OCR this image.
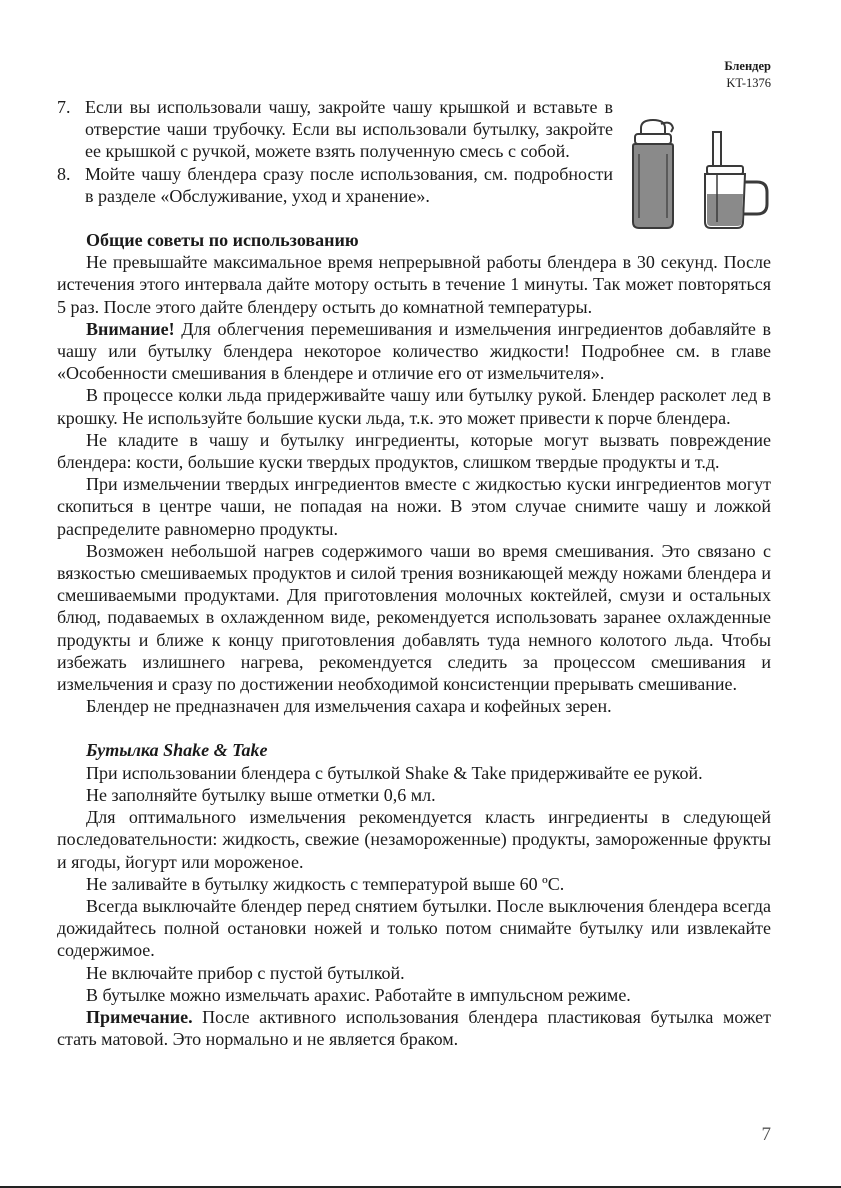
Блендер
KT-1376
7. Если вы использовали чашу, закройте чашу крышкой и вставьте в отверстие чаши трубочку. Если вы использовали бутылку, закройте ее крышкой с ручкой, можете взять полученную смесь с собой.
8. Мойте чашу блендера сразу после использования, см. подробности в разделе «Обслуживание, уход и хранение».
Общие советы по использованию

Не превышайте максимальное время непрерывной работы блендера в 30 секунд. После истечения этого интервала дайте мотору остыть в течение 1 минуты. Так может повторяться 5 раз. После этого дайте блендеру остыть до комнатной температуры.

Внимание! Для облегчения перемешивания и измельчения ингредиентов добавляйте в чашу или бутылку блендера некоторое количество жидкости! Подробнее см. в главе «Особенности смешивания в блендере и отличие его от измельчителя».

В процессе колки льда придерживайте чашу или бутылку рукой. Блендер расколет лед в крошку. Не используйте большие куски льда, т.к. это может привести к порче блендера.

Не кладите в чашу и бутылку ингредиенты, которые могут вызвать повреждение блендера: кости, большие куски твердых продуктов, слишком твердые продукты и т.д.

При измельчении твердых ингредиентов вместе с жидкостью куски ингредиентов могут скопиться в центре чаши, не попадая на ножи. В этом случае снимите чашу и ложкой распределите равномерно продукты.

Возможен небольшой нагрев содержимого чаши во время смешивания. Это связано с вязкостью смешиваемых продуктов и силой трения возникающей между ножами блендера и смешиваемыми продуктами. Для приготовления молочных коктейлей, смузи и остальных блюд, подаваемых в охлажденном виде, рекомендуется использовать заранее охлажденные продукты и ближе к концу приготовления добавлять туда немного колотого льда. Чтобы избежать излишнего нагрева, рекомендуется следить за процессом смешивания и измельчения и сразу по достижении необходимой консистенции прерывать смешивание.

Блендер не предназначен для измельчения сахара и кофейных зерен.

Бутылка Shake & Take

При использовании блендера с бутылкой Shake & Take придерживайте ее рукой.

Не заполняйте бутылку выше отметки 0,6 мл.

Для оптимального измельчения рекомендуется класть ингредиенты в следующей последовательности: жидкость, свежие (незамороженные) продукты, замороженные фрукты и ягоды, йогурт или мороженое.

Не заливайте в бутылку жидкость с температурой выше 60 ºС.

Всегда выключайте блендер перед снятием бутылки. После выключения блендера всегда дожидайтесь полной остановки ножей и только потом снимайте бутылку или извлекайте содержимое.

Не включайте прибор с пустой бутылкой.

В бутылке можно измельчать арахис. Работайте в импульсном режиме.

Примечание. После активного использования блендера пластиковая бутылка может стать матовой. Это нормально и не является браком.

7
